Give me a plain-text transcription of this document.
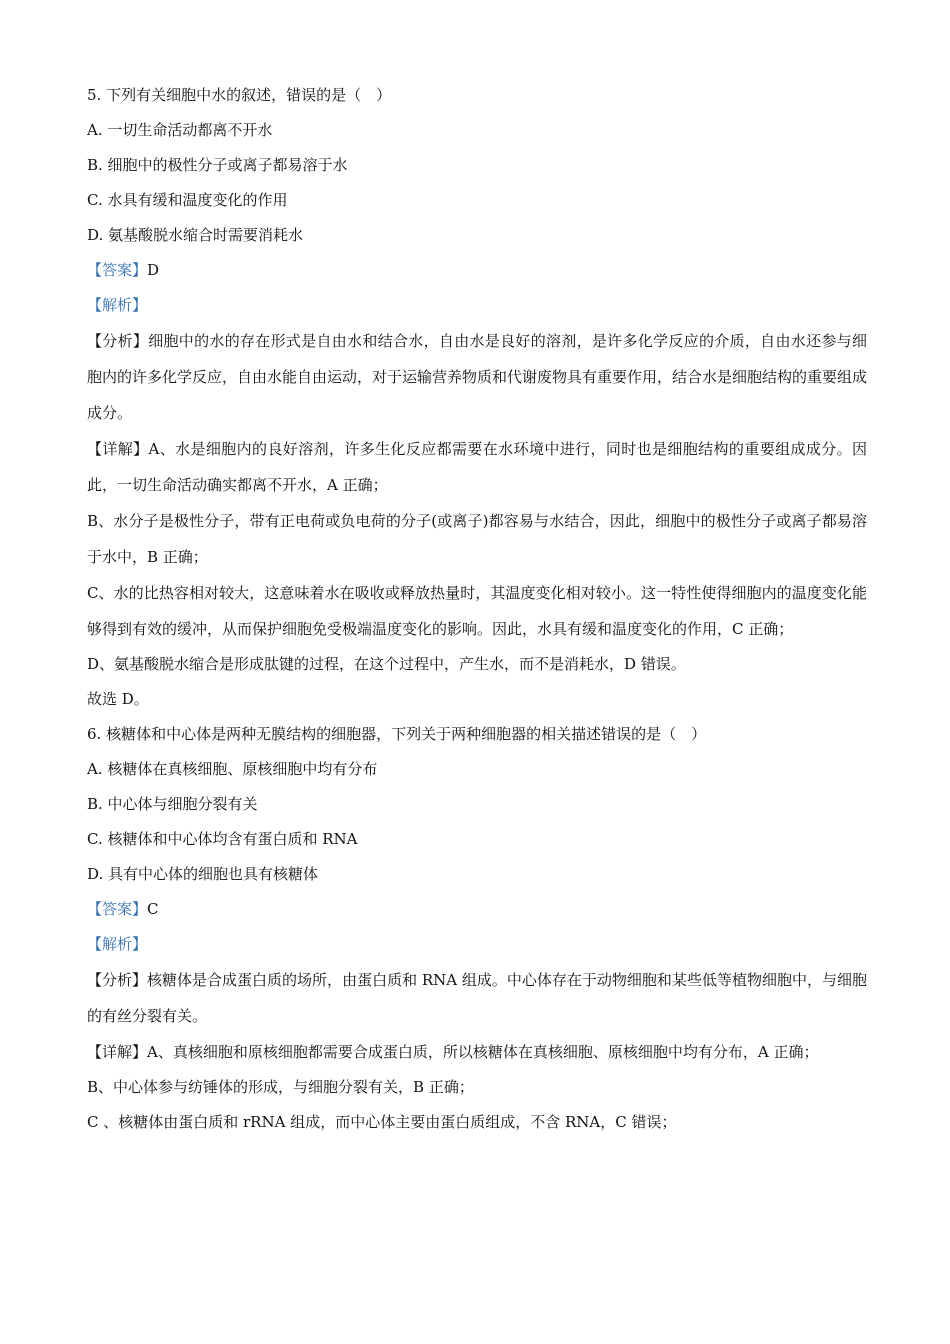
5. 下列有关细胞中水的叙述，错误的是（　）
A. 一切生命活动都离不开水
B. 细胞中的极性分子或离子都易溶于水
C. 水具有缓和温度变化的作用
D. 氨基酸脱水缩合时需要消耗水
【答案】D
【解析】
【分析】细胞中的水的存在形式是自由水和结合水，自由水是良好的溶剂，是许多化学反应的介质，自由水还参与细胞内的许多化学反应，自由水能自由运动，对于运输营养物质和代谢废物具有重要作用，结合水是细胞结构的重要组成成分。
【详解】A、水是细胞内的良好溶剂，许多生化反应都需要在水环境中进行，同时也是细胞结构的重要组成成分。因此，一切生命活动确实都离不开水，A 正确；
B、水分子是极性分子，带有正电荷或负电荷的分子(或离子)都容易与水结合，因此，细胞中的极性分子或离子都易溶于水中，B 正确；
C、水的比热容相对较大，这意味着水在吸收或释放热量时，其温度变化相对较小。这一特性使得细胞内的温度变化能够得到有效的缓冲，从而保护细胞免受极端温度变化的影响。因此，水具有缓和温度变化的作用，C 正确；
D、氨基酸脱水缩合是形成肽键的过程，在这个过程中，产生水，而不是消耗水，D 错误。
故选 D。
6. 核糖体和中心体是两种无膜结构的细胞器，下列关于两种细胞器的相关描述错误的是（　）
A. 核糖体在真核细胞、原核细胞中均有分布
B. 中心体与细胞分裂有关
C. 核糖体和中心体均含有蛋白质和 RNA
D. 具有中心体的细胞也具有核糖体
【答案】C
【解析】
【分析】核糖体是合成蛋白质的场所，由蛋白质和 RNA 组成。中心体存在于动物细胞和某些低等植物细胞中，与细胞的有丝分裂有关。
【详解】A、真核细胞和原核细胞都需要合成蛋白质，所以核糖体在真核细胞、原核细胞中均有分布，A 正确；
B、中心体参与纺锤体的形成，与细胞分裂有关，B 正确；
C 、核糖体由蛋白质和 rRNA 组成，而中心体主要由蛋白质组成，不含 RNA，C 错误；
